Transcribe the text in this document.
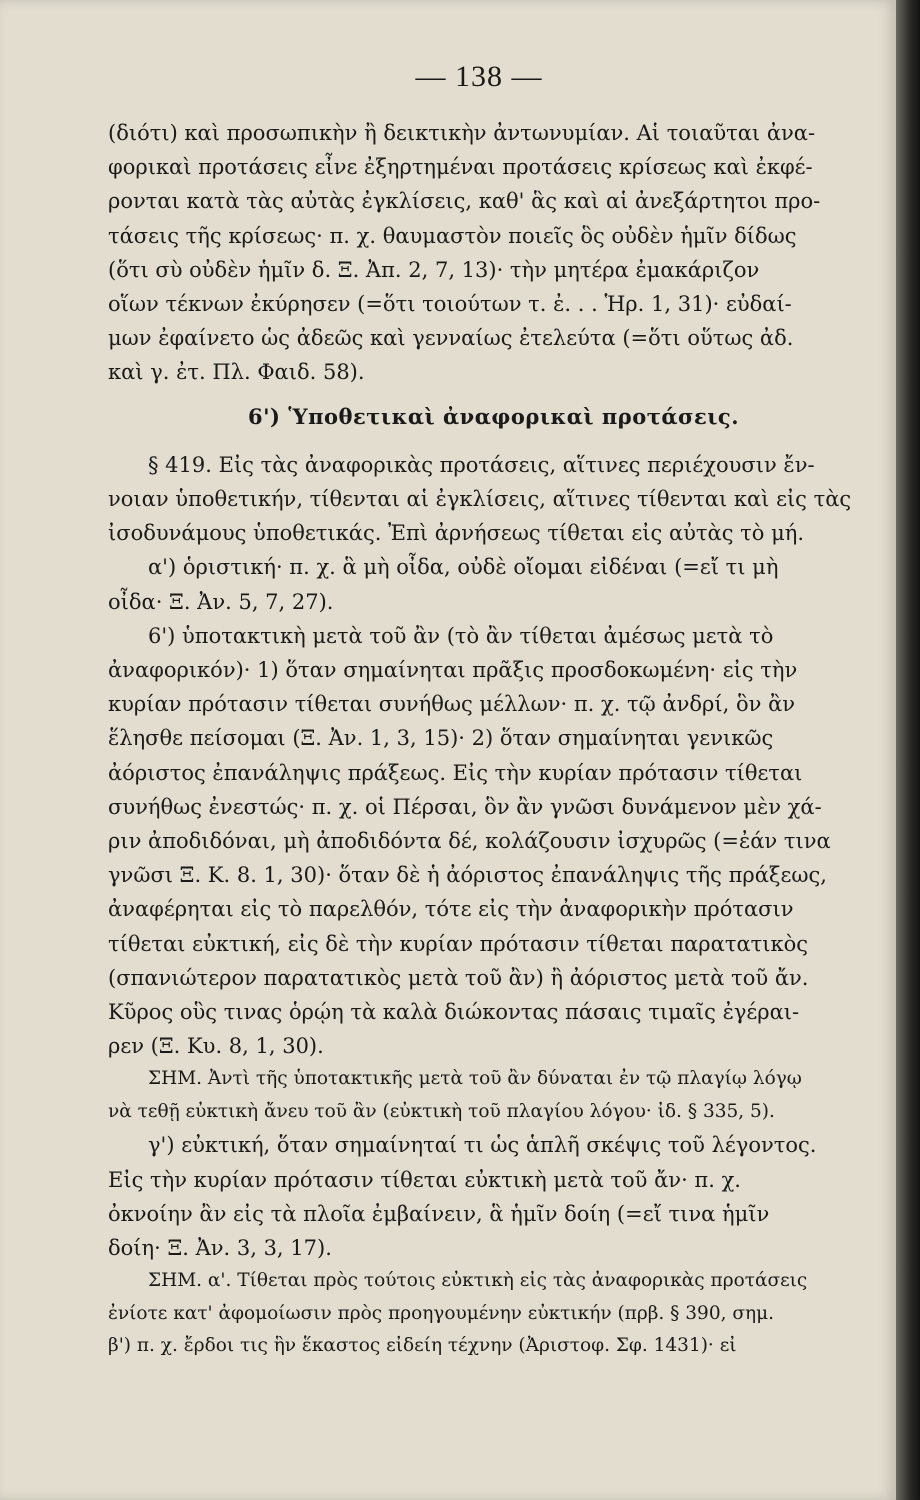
— 138 —

(διότι) καὶ προσωπικὴν ἢ δεικτικὴν ἀντωνυμίαν. Αἱ τοιαῦται ἀνα-

φορικαὶ προτάσεις εἶνε ἐξηρτημέναι προτάσεις κρίσεως καὶ ἐκφέ-

ρονται κατὰ τὰς αὐτὰς ἐγκλίσεις, καθ' ἃς καὶ αἱ ἀνεξάρτητοι προ-

τάσεις τῆς κρίσεως· π. χ. θαυμαστὸν ποιεῖς ὃς οὐδὲν ἡμῖν δίδως

(ὅτι σὺ οὐδὲν ἡμῖν δ. Ξ. Ἀπ. 2, 7, 13)· τὴν μητέρα ἐμακάριζον

οἵων τέκνων ἐκύρησεν (=ὅτι τοιούτων τ. ἐ. . . Ἡρ. 1, 31)· εὐδαί-

μων ἐφαίνετο ὡς ἀδεῶς καὶ γενναίως ἐτελεύτα (=ὅτι οὕτως ἀδ.

καὶ γ. ἐτ. Πλ. Φαιδ. 58).

6') Ὑποθετικαὶ ἀναφορικαὶ προτάσεις.

§ 419. Εἰς τὰς ἀναφορικὰς προτάσεις, αἵτινες περιέχουσιν ἔν-

νοιαν ὑποθετικήν, τίθενται αἱ ἐγκλίσεις, αἵτινες τίθενται καὶ εἰς τὰς

ἰσοδυνάμους ὑποθετικάς. Ἐπὶ ἀρνήσεως τίθεται εἰς αὐτὰς τὸ μή.

α') ὁριστική· π. χ. ἃ μὴ οἶδα, οὐδὲ οἴομαι εἰδέναι (=εἴ τι μὴ

οἶδα· Ξ. Ἀν. 5, 7, 27).

6') ὑποτακτικὴ μετὰ τοῦ ἂν (τὸ ἂν τίθεται ἀμέσως μετὰ τὸ

ἀναφορικόν)· 1) ὅταν σημαίνηται πρᾶξις προσδοκωμένη· εἰς τὴν

κυρίαν πρότασιν τίθεται συνήθως μέλλων· π. χ. τῷ ἀνδρί, ὃν ἂν

ἕλησθε πείσομαι (Ξ. Ἀν. 1, 3, 15)· 2) ὅταν σημαίνηται γενικῶς

ἀόριστος ἐπανάληψις πράξεως. Εἰς τὴν κυρίαν πρότασιν τίθεται

συνήθως ἐνεστώς· π. χ. οἱ Πέρσαι, ὃν ἂν γνῶσι δυνάμενον μὲν χά-

ριν ἀποδιδόναι, μὴ ἀποδιδόντα δέ, κολάζουσιν ἰσχυρῶς (=ἐάν τινα

γνῶσι Ξ. Κ. 8. 1, 30)· ὅταν δὲ ἡ ἀόριστος ἐπανάληψις τῆς πράξεως,

ἀναφέρηται εἰς τὸ παρελθόν, τότε εἰς τὴν ἀναφορικὴν πρότασιν

τίθεται εὐκτική, εἰς δὲ τὴν κυρίαν πρότασιν τίθεται παρατατικὸς

(σπανιώτερον παρατατικὸς μετὰ τοῦ ἂν) ἢ ἀόριστος μετὰ τοῦ ἄν.

Κῦρος οὓς τινας ὁρῴη τὰ καλὰ διώκοντας πάσαις τιμαῖς ἐγέραι-

ρεν (Ξ. Κυ. 8, 1, 30).

ΣΗΜ. Ἀντὶ τῆς ὑποτακτικῆς μετὰ τοῦ ἂν δύναται ἐν τῷ πλαγίῳ λόγῳ

νὰ τεθῇ εὐκτικὴ ἄνευ τοῦ ἂν (εὐκτικὴ τοῦ πλαγίου λόγου· ἰδ. § 335, 5).

γ') εὐκτική, ὅταν σημαίνηταί τι ὡς ἁπλῆ σκέψις τοῦ λέγοντος.

Εἰς τὴν κυρίαν πρότασιν τίθεται εὐκτικὴ μετὰ τοῦ ἄν· π. χ.

ὀκνοίην ἂν εἰς τὰ πλοῖα ἐμβαίνειν, ἃ ἡμῖν δοίη (=εἴ τινα ἡμῖν

δοίη· Ξ. Ἀν. 3, 3, 17).

ΣΗΜ. α'. Τίθεται πρὸς τούτοις εὐκτικὴ εἰς τὰς ἀναφορικὰς προτάσεις

ἐνίοτε κατ' ἀφομοίωσιν πρὸς προηγουμένην εὐκτικήν (πρβ. § 390, σημ.

β') π. χ. ἔρδοι τις ἣν ἕκαστος εἰδείη τέχνην (Ἀριστοφ. Σφ. 1431)· εἰ
